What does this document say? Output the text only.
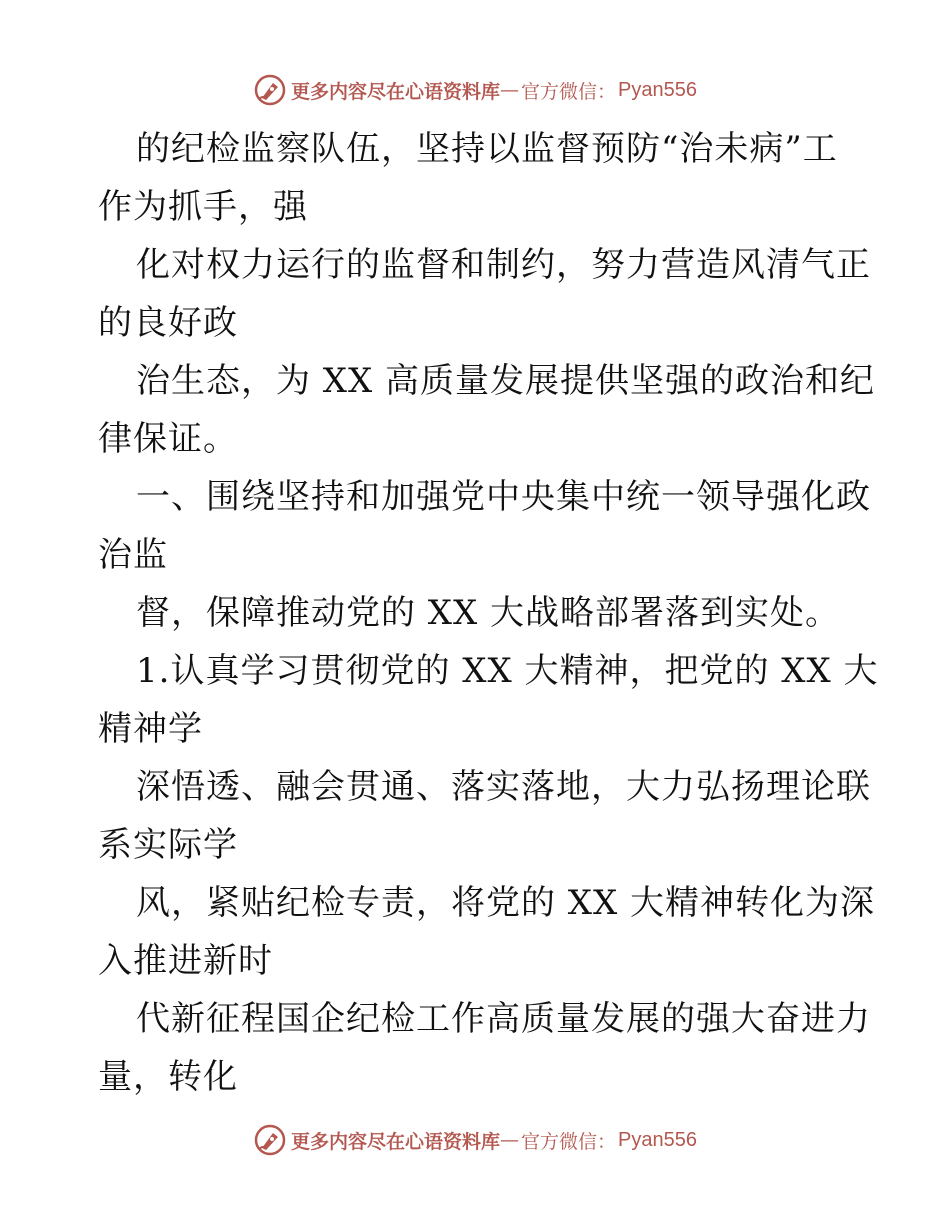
更多内容尽在心语资料库 — 官方微信： Pyan556
的纪检监察队伍，坚持以监督预防“治未病”工
作为抓手，强
化对权力运行的监督和制约，努力营造风清气正
的良好政
治生态，为 XX 高质量发展提供坚强的政治和纪
律保证。
一、围绕坚持和加强党中央集中统一领导强化政
治监
督，保障推动党的 XX 大战略部署落到实处。
1.认真学习贯彻党的 XX 大精神，把党的 XX 大
精神学
深悟透、融会贯通、落实落地，大力弘扬理论联
系实际学
风，紧贴纪检专责，将党的 XX 大精神转化为深
入推进新时
代新征程国企纪检工作高质量发展的强大奋进力
量，转化
更多内容尽在心语资料库 — 官方微信： Pyan556
